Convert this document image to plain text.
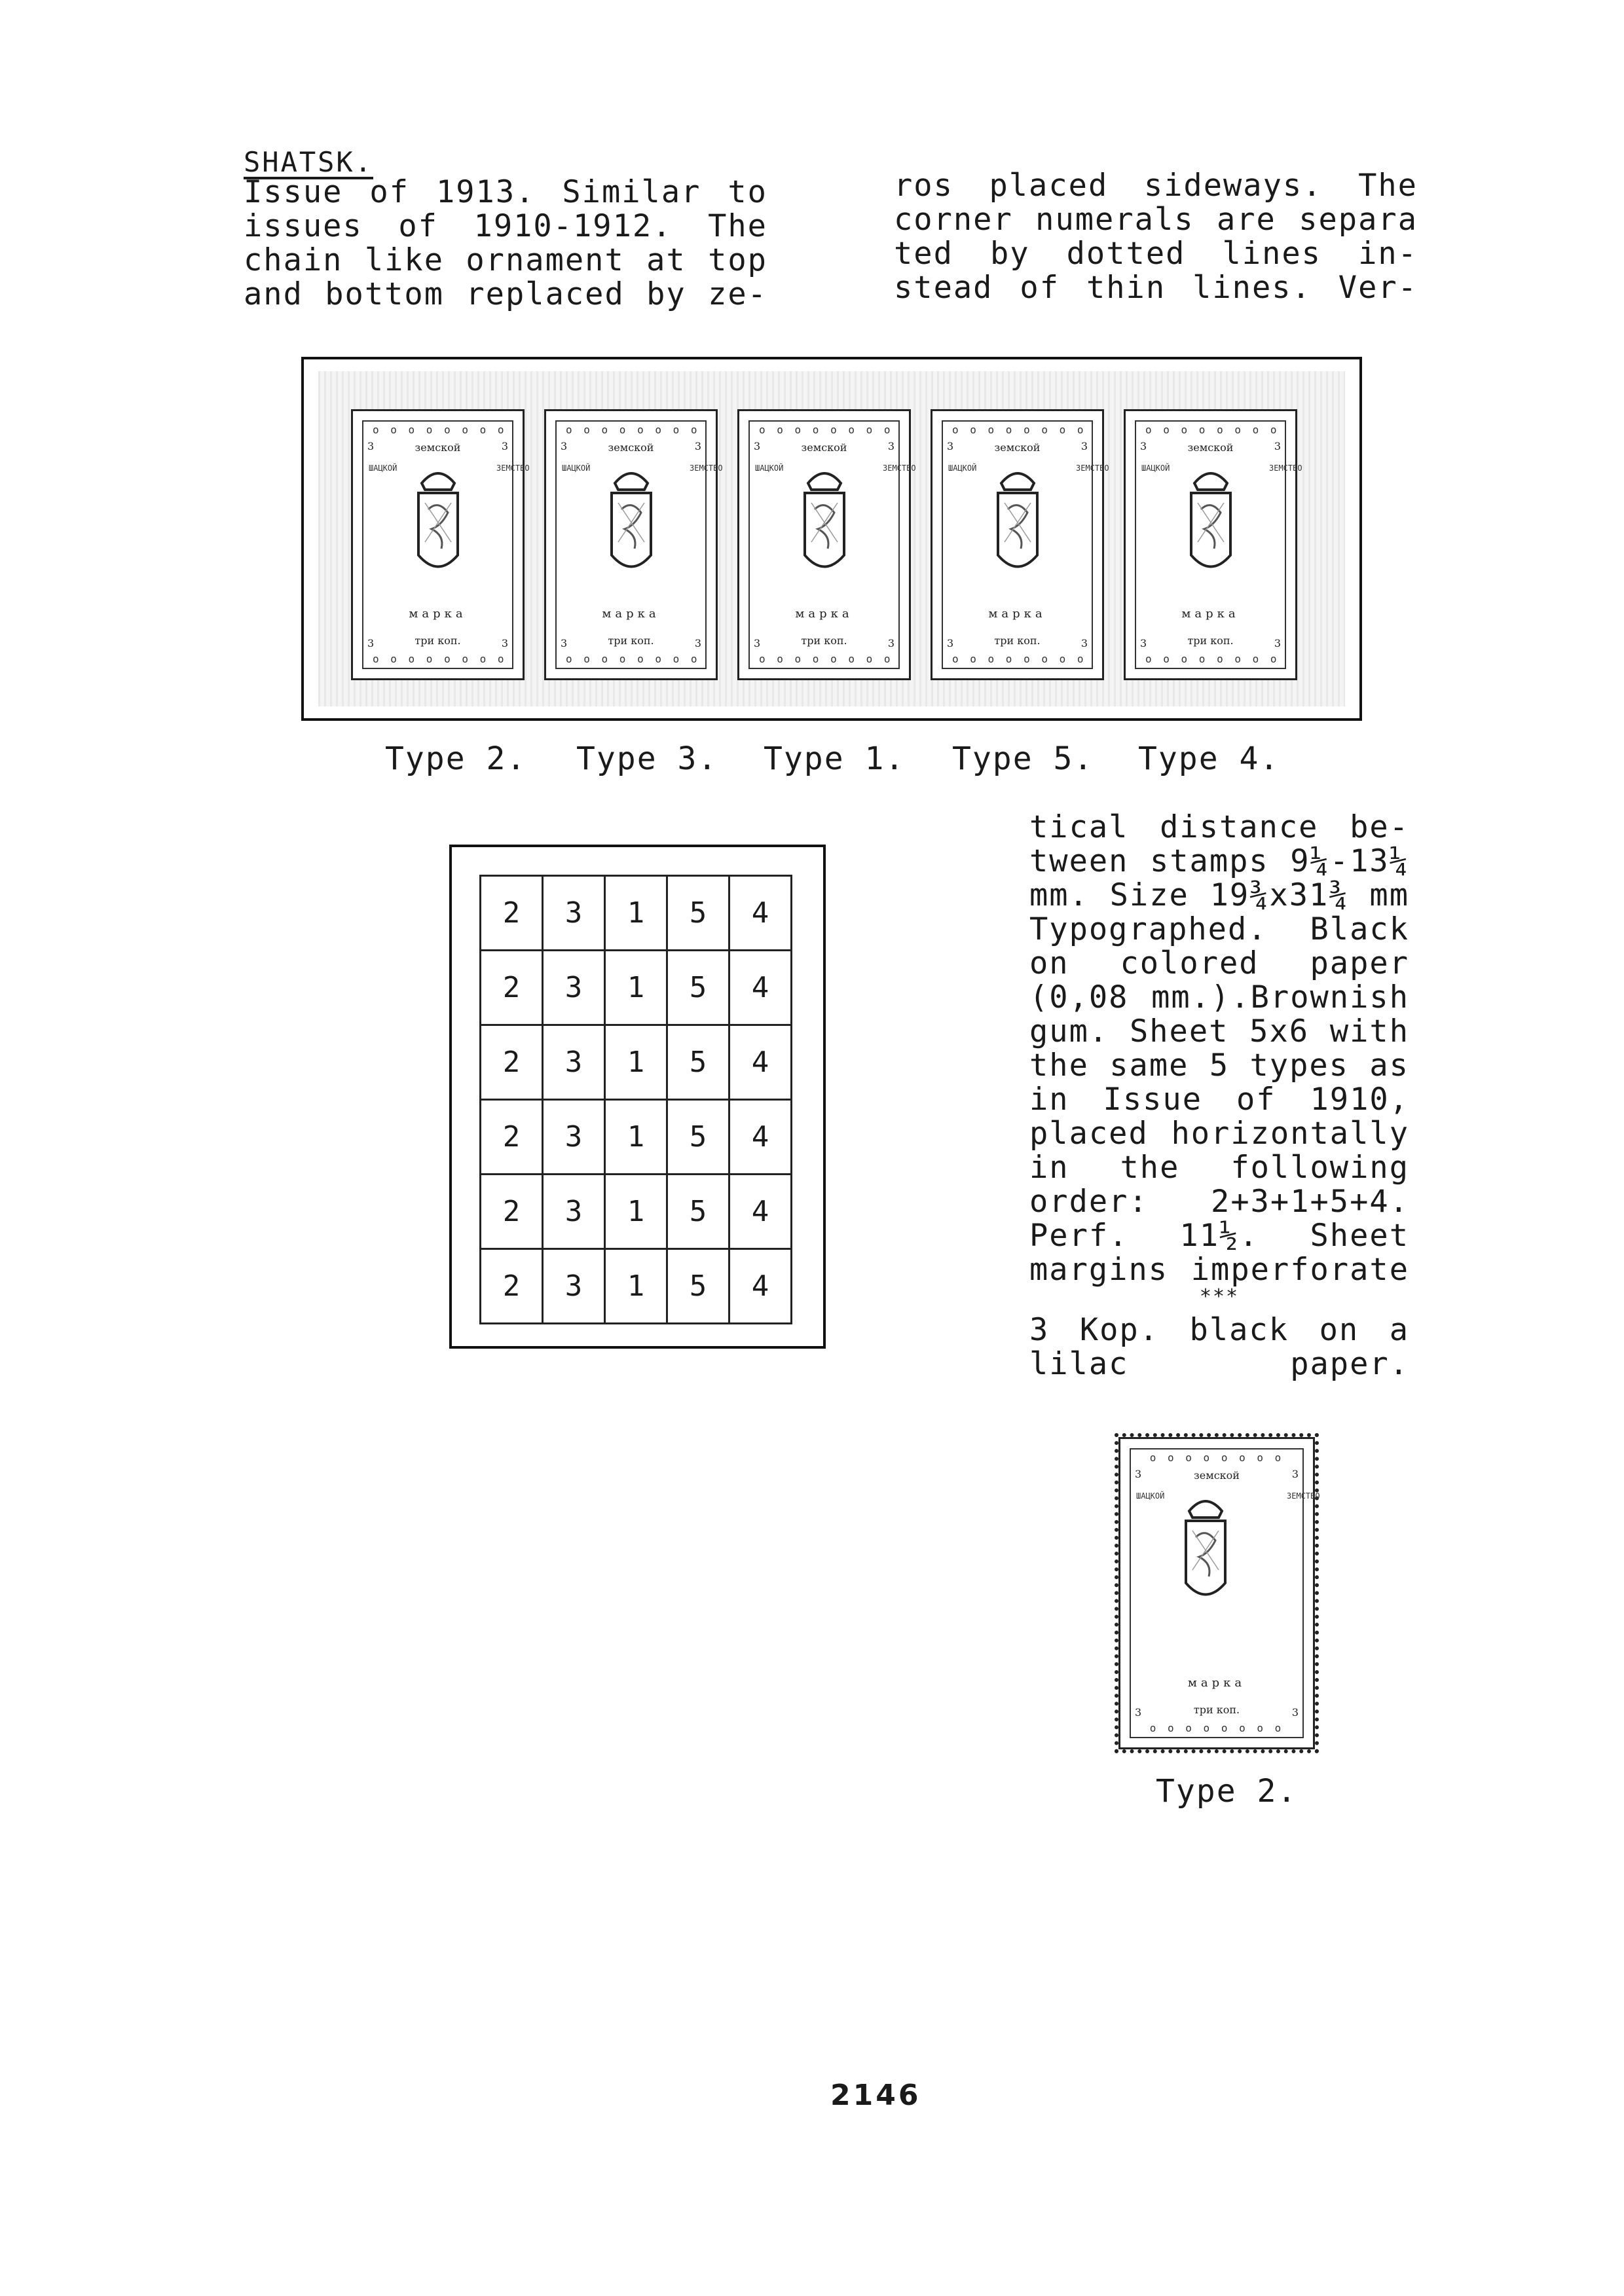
SHATSK.
Issue of 1913. Similar to
issues of 1910-1912. The
chain like ornament at top
and bottom replaced by ze-
ros placed sideways. The
corner numerals are separa
ted by dotted lines in-
stead of thin lines. Ver-
o o o o o o o o
o o o o o o o o
3	3
3	3
земской
ШАЦКОЙ	ЗЕМСТВО
марка
три коп.
o o o o o o o o
o o o o o o o o
3	3
3	3
земской
ШАЦКОЙ	ЗЕМСТВО
марка
три коп.
o o o o o o o o
o o o o o o o o
3	3
3	3
земской
ШАЦКОЙ	ЗЕМСТВО
марка
три коп.
o o o o o o o o
o o o o o o o o
3	3
3	3
земской
ШАЦКОЙ	ЗЕМСТВО
марка
три коп.
o o o o o o o o
o o o o o o o o
3	3
3	3
земской
ШАЦКОЙ	ЗЕМСТВО
марка
три коп.
Type 2. Type 3. Type 1. Type 5. Type 4.
2	3	1	5	4
2	3	1	5	4
2	3	1	5	4
2	3	1	5	4
2	3	1	5	4
2	3	1	5	4
tical distance be-
tween stamps 9¼-13¼
mm. Size 19¾x31¾ mm
Typographed. Black
on colored paper
(0,08 mm.).Brownish
gum. Sheet 5x6 with
the same 5 types as
in Issue of 1910,
placed horizontally
in the following
order: 2+3+1+5+4.
Perf. 11½. Sheet
margins imperforate
***
3 Kop. black on a
lilac	paper.
o o o o o o o o
o o o o o o o o
3	3
3	3
земской
ШАЦКОЙ	ЗЕМСТВО
марка
три коп.
Type 2.
2146
